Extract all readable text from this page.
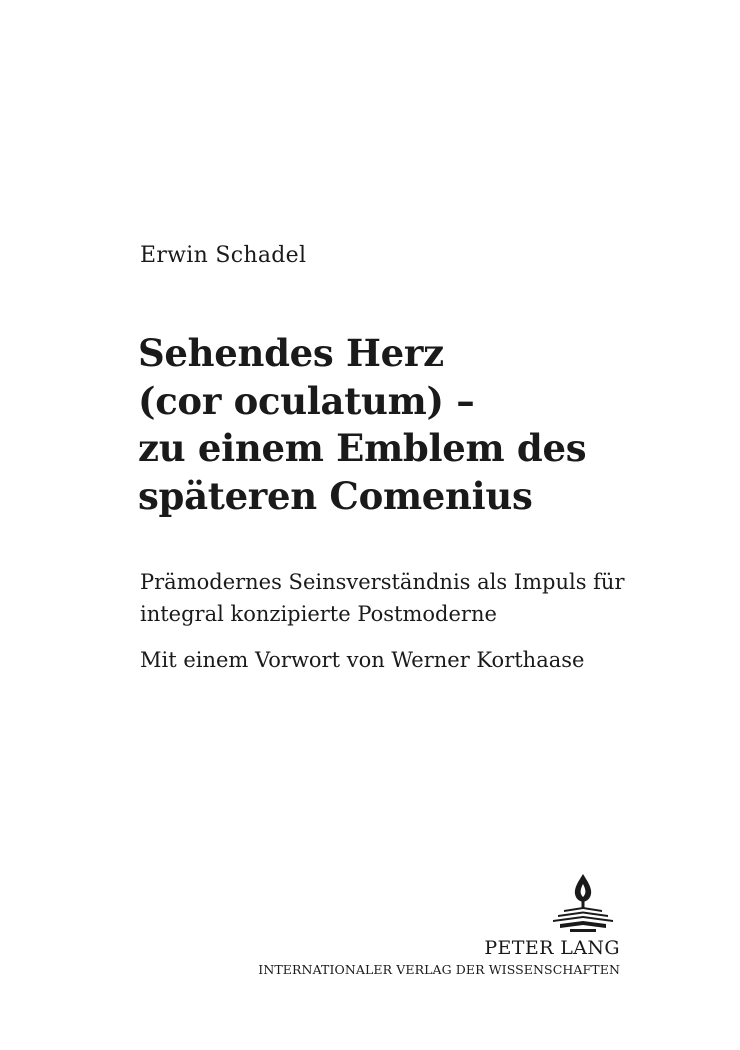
Erwin Schadel
Sehendes Herz
(cor oculatum) –
zu einem Emblem des
späteren Comenius
Prämodernes Seinsverständnis als Impuls für
integral konzipierte Postmoderne
Mit einem Vorwort von Werner Korthaase
PETER LANG
INTERNATIONALER VERLAG DER WISSENSCHAFTEN
